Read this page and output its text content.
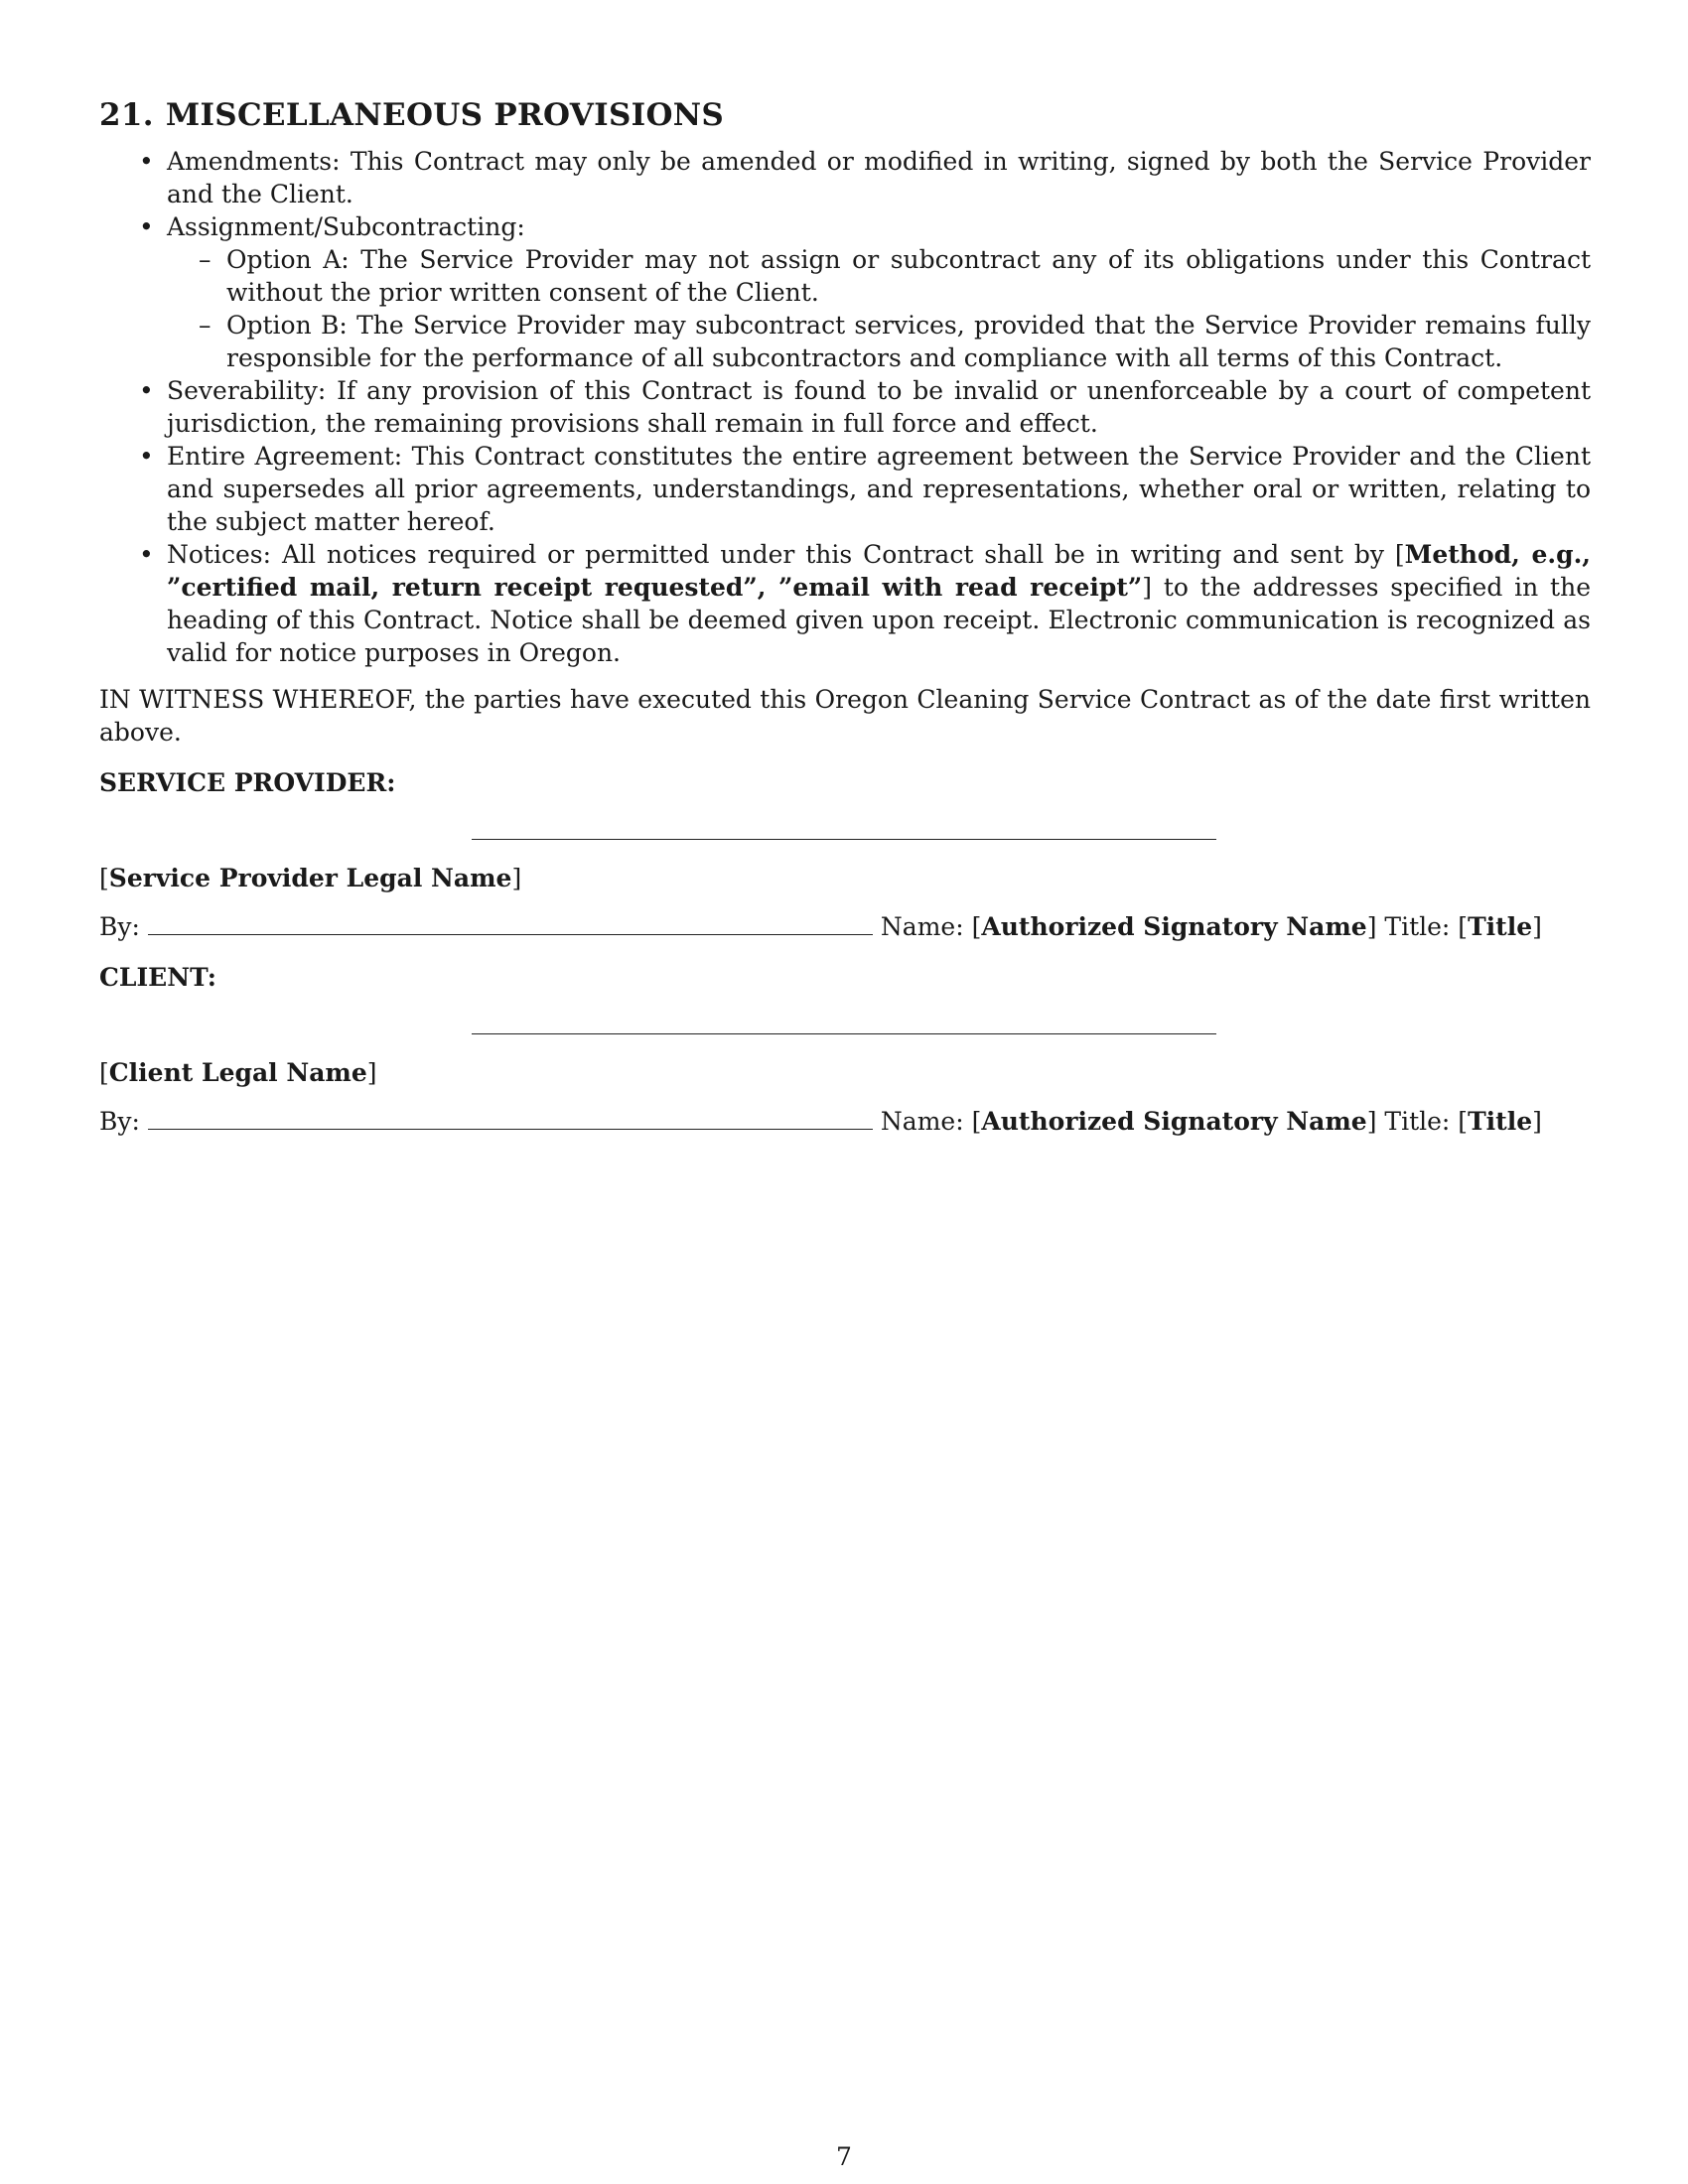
21. MISCELLANEOUS PROVISIONS
• Amendments: This Contract may only be amended or modified in writing, signed by both the Service Provider and the Client.
• Assignment/Subcontracting:
– Option A: The Service Provider may not assign or subcontract any of its obligations under this Contract without the prior written consent of the Client.
– Option B: The Service Provider may subcontract services, provided that the Service Provider remains fully responsible for the performance of all subcontractors and compliance with all terms of this Contract.
• Severability: If any provision of this Contract is found to be invalid or unenforceable by a court of competent jurisdiction, the remaining provisions shall remain in full force and effect.
• Entire Agreement: This Contract constitutes the entire agreement between the Service Provider and the Client and supersedes all prior agreements, understandings, and representations, whether oral or written, relating to the subject matter hereof.
• Notices: All notices required or permitted under this Contract shall be in writing and sent by [Method, e.g., ”certified mail, return receipt requested”, ”email with read receipt”] to the addresses specified in the heading of this Contract. Notice shall be deemed given upon receipt. Electronic communication is recognized as valid for notice purposes in Oregon.
IN WITNESS WHEREOF, the parties have executed this Oregon Cleaning Service Contract as of the date first written above.
SERVICE PROVIDER:
[Service Provider Legal Name]
By:	Name: [Authorized Signatory Name] Title: [Title]
CLIENT:
[Client Legal Name]
By:	Name: [Authorized Signatory Name] Title: [Title]
7
